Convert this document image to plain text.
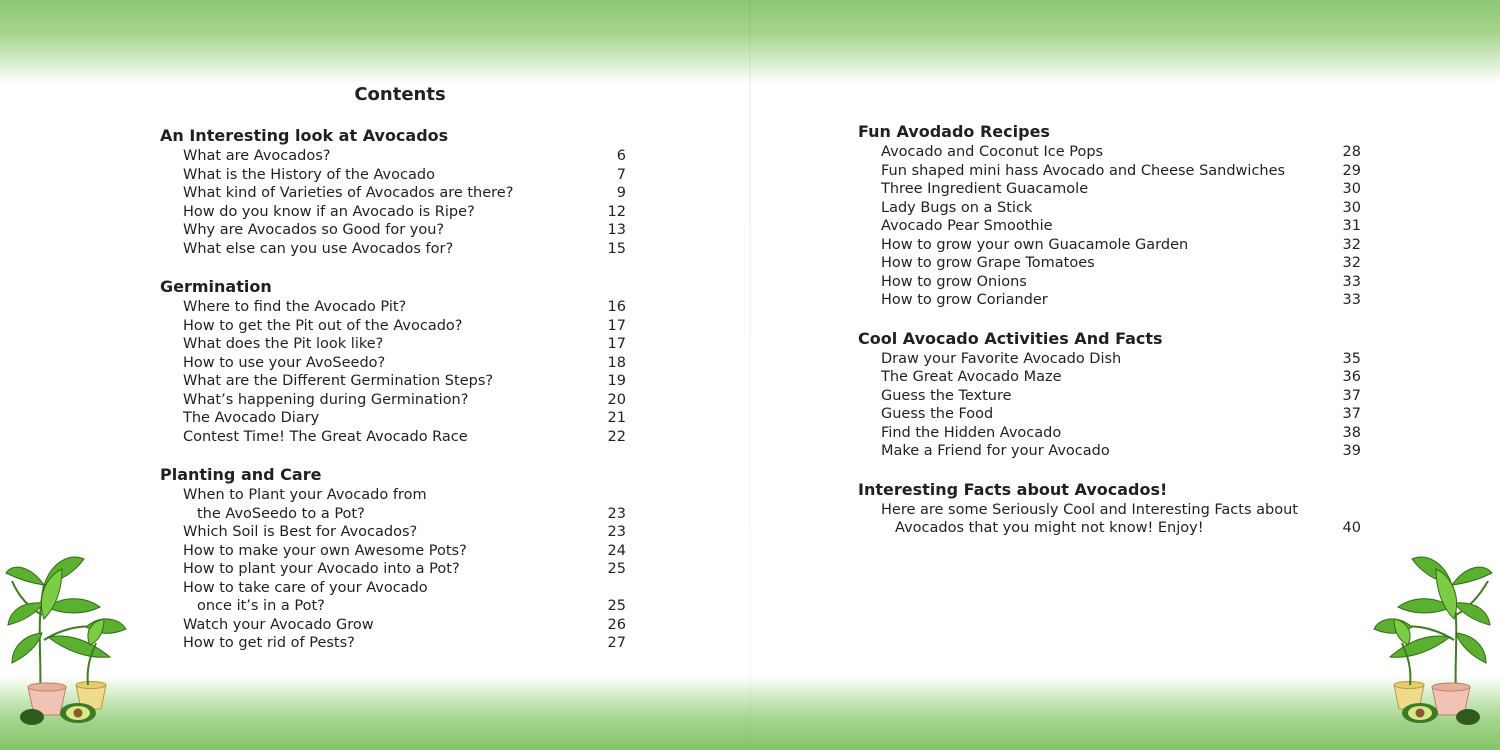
Contents
An Interesting look at Avocados
What are Avocados?	6
What is the History of the Avocado	7
What kind of Varieties of Avocados are there?	9
How do you know if an Avocado is Ripe?	12
Why are Avocados so Good for you?	13
What else can you use Avocados for?	15
Germination
Where to find the Avocado Pit?	16
How to get the Pit out of the Avocado?	17
What does the Pit look like?	17
How to use your AvoSeedo?	18
What are the Different Germination Steps?	19
What’s happening during Germination?	20
The Avocado Diary	21
Contest Time! The Great Avocado Race	22
Planting and Care
When to Plant your Avocado from
the AvoSeedo to a Pot?	23
Which Soil is Best for Avocados?	23
How to make your own Awesome Pots?	24
How to plant your Avocado into a Pot?	25
How to take care of your Avocado
once it’s in a Pot?	25
Watch your Avocado Grow	26
How to get rid of Pests?	27
Fun Avodado Recipes
Avocado and Coconut Ice Pops	28
Fun shaped mini hass Avocado and Cheese Sandwiches	29
Three Ingredient Guacamole	30
Lady Bugs on a Stick	30
Avocado Pear Smoothie	31
How to grow your own Guacamole Garden	32
How to grow Grape Tomatoes	32
How to grow Onions	33
How to grow Coriander	33
Cool Avocado Activities And Facts
Draw your Favorite Avocado Dish	35
The Great Avocado Maze	36
Guess the Texture	37
Guess the Food	37
Find the Hidden Avocado	38
Make a Friend for your Avocado	39
Interesting Facts about Avocados!
Here are some Seriously Cool and Interesting Facts about
Avocados that you might not know! Enjoy!	40
